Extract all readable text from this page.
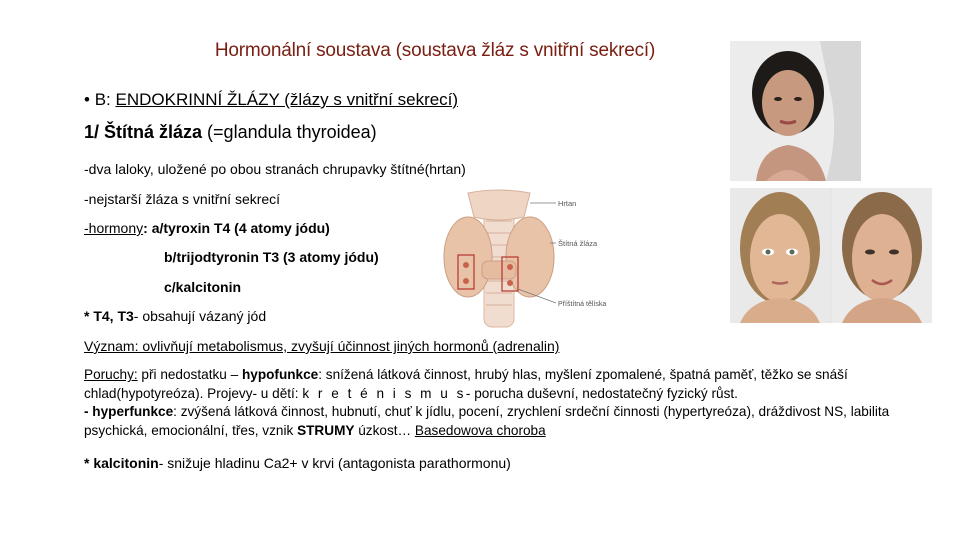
Hormonální soustava (soustava žláz s vnitřní sekrecí)
• B: ENDOKRINNÍ ŽLÁZY (žlázy s vnitřní sekrecí)
1/ Štítná žláza (=glandula thyroidea)
-dva laloky, uložené po obou stranách chrupavky štítné(hrtan)
-nejstarší žláza s vnitřní sekrecí
-hormony: a/tyroxin T4 (4 atomy jódu)
b/trijodtyronin T3 (3 atomy jódu)
c/kalcitonin
* T4, T3- obsahují vázaný jód
Význam: ovlivňují metabolismus, zvyšují účinnost jiných hormonů (adrenalin)
Poruchy: při nedostatku – hypofunkce: snížená látková činnost, hrubý hlas, myšlení zpomalené, špatná paměť, těžko se snáší chlad(hypotyreóza). Projevy- u dětí: k r e t é n i s m u s- porucha duševní, nedostatečný fyzický růst.
- hyperfunkce: zvýšená látková činnost, hubnutí, chuť k jídlu, pocení, zrychlení srdeční činnosti (hypertyreóza), dráždivost NS, labilita psychická, emocionální, třes, vznik STRUMY úzkost… Basedowova choroba
* kalcitonin- snižuje hladinu Ca2+ v krvi (antagonista parathormonu)
Hrtan
Štítná žláza
Příštítná tělíska
